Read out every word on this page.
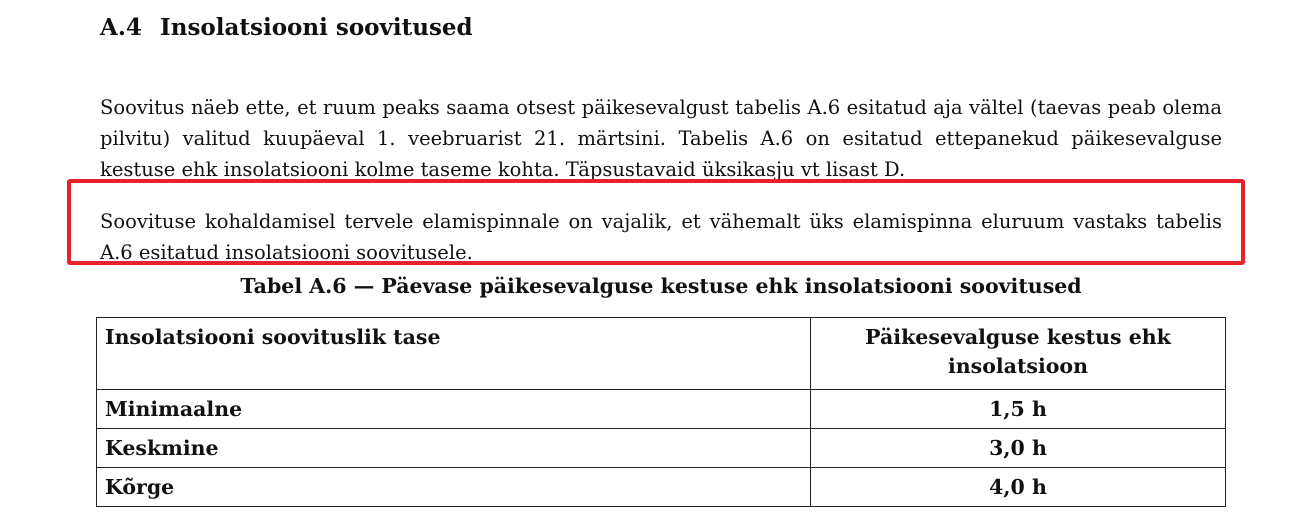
A.4 Insolatsiooni soovitused

Soovitus näeb ette, et ruum peaks saama otsest päikesevalgust tabelis A.6 esitatud aja vältel (taevas peab olema pilvitu) valitud kuupäeval 1. veebruarist 21. märtsini. Tabelis A.6 on esitatud ettepanekud päikesevalguse kestuse ehk insolatsiooni kolme taseme kohta. Täpsustavaid üksikasju vt lisast D.

Soovituse kohaldamisel tervele elamispinnale on vajalik, et vähemalt üks elamispinna eluruum vastaks tabelis A.6 esitatud insolatsiooni soovitusele.

Tabel A.6 — Päevase päikesevalguse kestuse ehk insolatsiooni soovitused
Insolatsiooni soovituslik tase	Päikesevalguse kestus ehk insolatsioon
Minimaalne	1,5 h
Keskmine	3,0 h
Kõrge	4,0 h
